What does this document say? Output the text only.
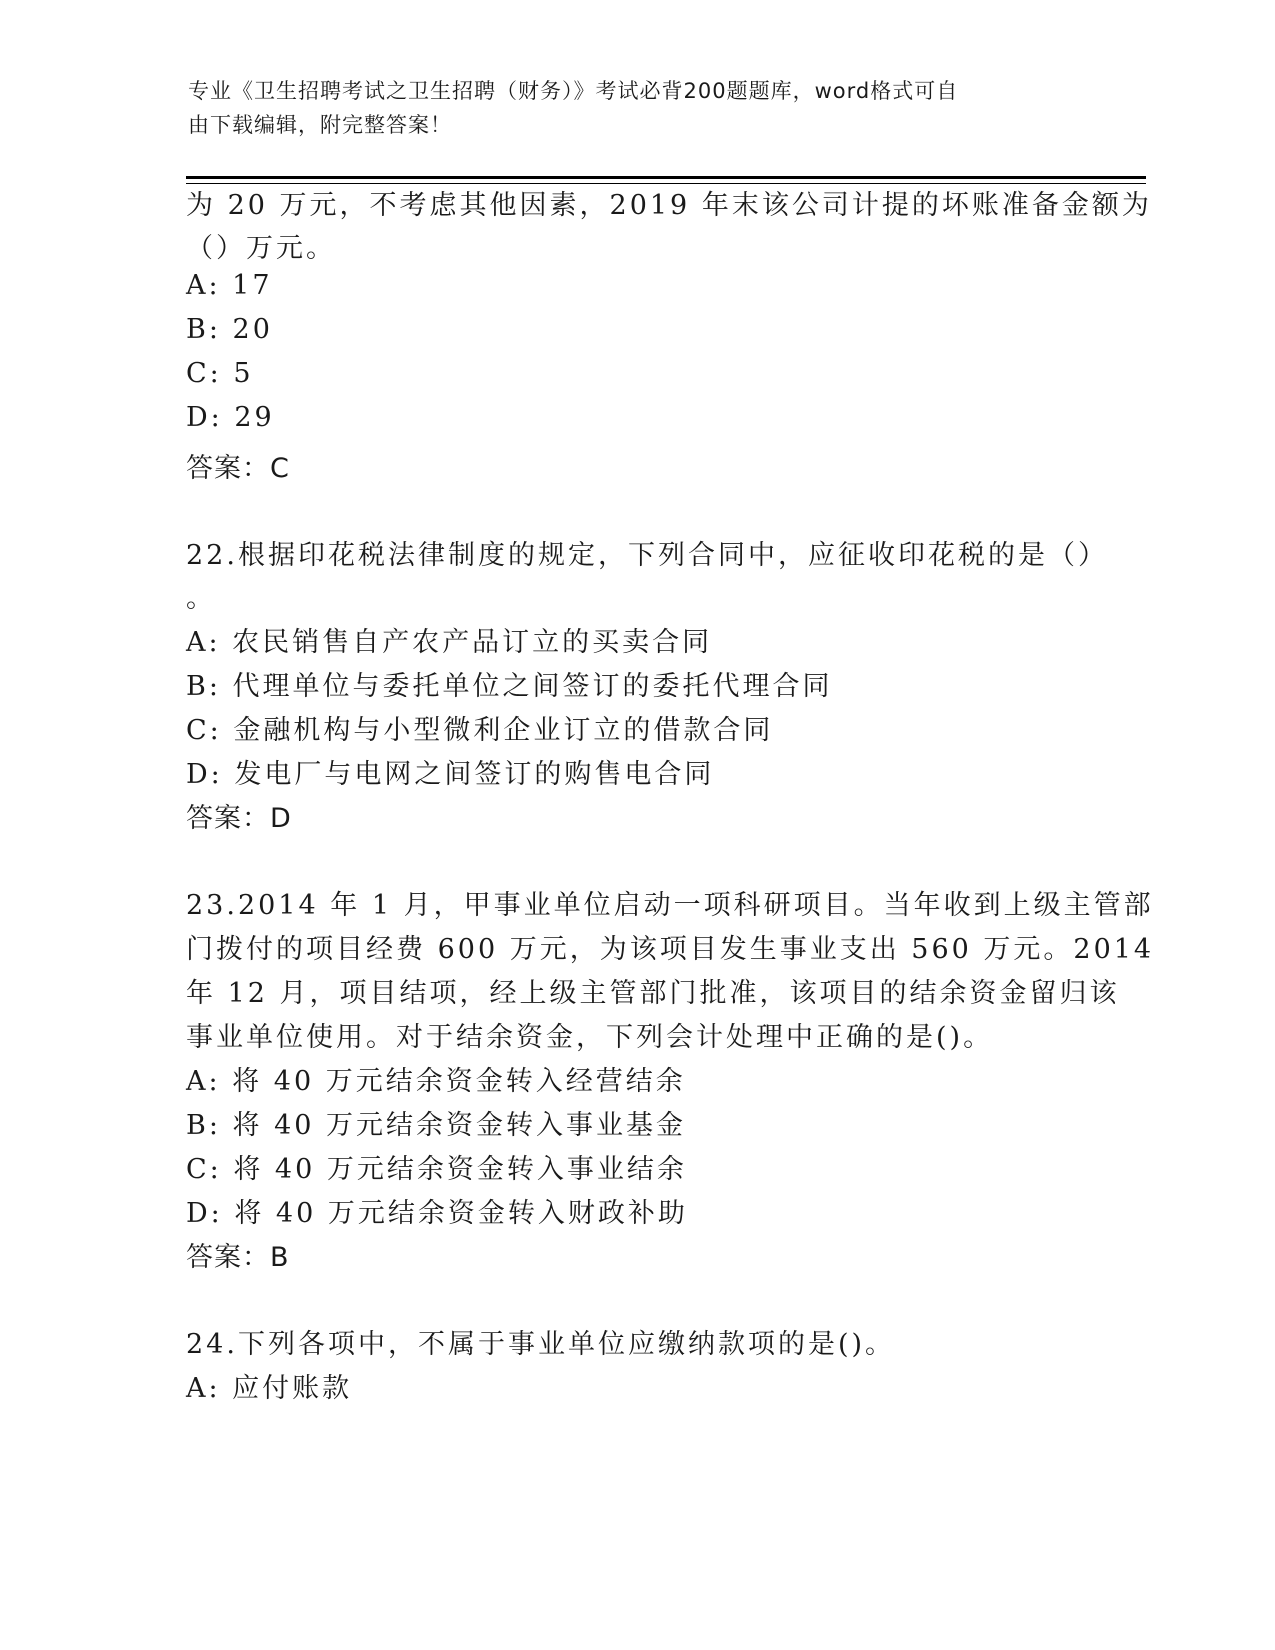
专业《卫生招聘考试之卫生招聘（财务）》考试必背200题题库，word格式可自
由下载编辑，附完整答案！
为 20 万元，不考虑其他因素，2019 年末该公司计提的坏账准备金额为
（）万元。
A: 17
B: 20
C: 5
D: 29
答案：C
22.根据印花税法律制度的规定，下列合同中，应征收印花税的是（）
。
A: 农民销售自产农产品订立的买卖合同
B: 代理单位与委托单位之间签订的委托代理合同
C: 金融机构与小型微利企业订立的借款合同
D: 发电厂与电网之间签订的购售电合同
答案：D
23.2014 年 1 月，甲事业单位启动一项科研项目。当年收到上级主管部
门拨付的项目经费 600 万元，为该项目发生事业支出 560 万元。2014
年 12 月，项目结项，经上级主管部门批准，该项目的结余资金留归该
事业单位使用。对于结余资金，下列会计处理中正确的是()。
A: 将 40 万元结余资金转入经营结余
B: 将 40 万元结余资金转入事业基金
C: 将 40 万元结余资金转入事业结余
D: 将 40 万元结余资金转入财政补助
答案：B
24.下列各项中，不属于事业单位应缴纳款项的是()。
A: 应付账款
